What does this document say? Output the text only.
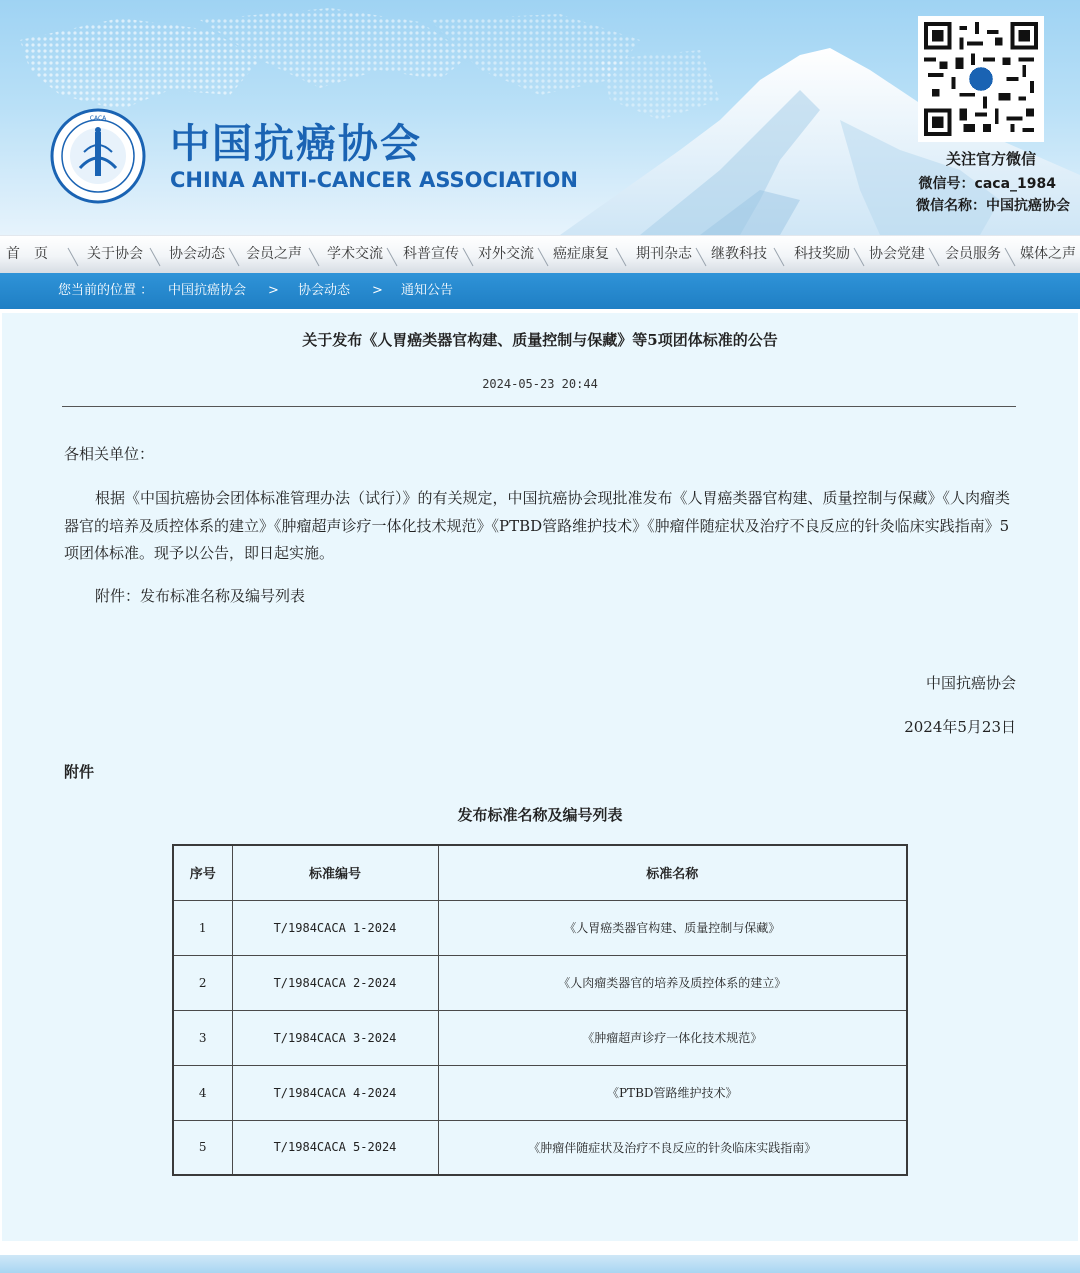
CACA
中国抗癌协会
CHINA ANTI-CANCER ASSOCIATION
关注官方微信
微信号：caca_1984
微信名称：中国抗癌协会
首　页	关于协会 协会动态 会员之声 学术交流 科普宣传 对外交流 癌症康复 期刊杂志 继教科技 科技奖励 协会党建 会员服务 媒体之声
您当前的位置 ： 中国抗癌协会 > 协会动态 > 通知公告
关于发布《人胃癌类器官构建、质量控制与保藏》等5项团体标准的公告
2024-05-23 20:44
各相关单位：
根据《中国抗癌协会团体标准管理办法（试行）》的有关规定，中国抗癌协会现批准发布《人胃癌类器官构建、质量控制与保藏》《人肉瘤类器官的培养及质控体系的建立》《肿瘤超声诊疗一体化技术规范》《PTBD管路维护技术》《肿瘤伴随症状及治疗不良反应的针灸临床实践指南》5项团体标准。现予以公告，即日起实施。
附件：发布标准名称及编号列表
中国抗癌协会
2024年5月23日
附件
发布标准名称及编号列表
序号	标准编号	标准名称
1	T/1984CACA 1-2024	《人胃癌类器官构建、质量控制与保藏》
2	T/1984CACA 2-2024	《人肉瘤类器官的培养及质控体系的建立》
3	T/1984CACA 3-2024	《肿瘤超声诊疗一体化技术规范》
4	T/1984CACA 4-2024	《PTBD管路维护技术》
5	T/1984CACA 5-2024	《肿瘤伴随症状及治疗不良反应的针灸临床实践指南》
